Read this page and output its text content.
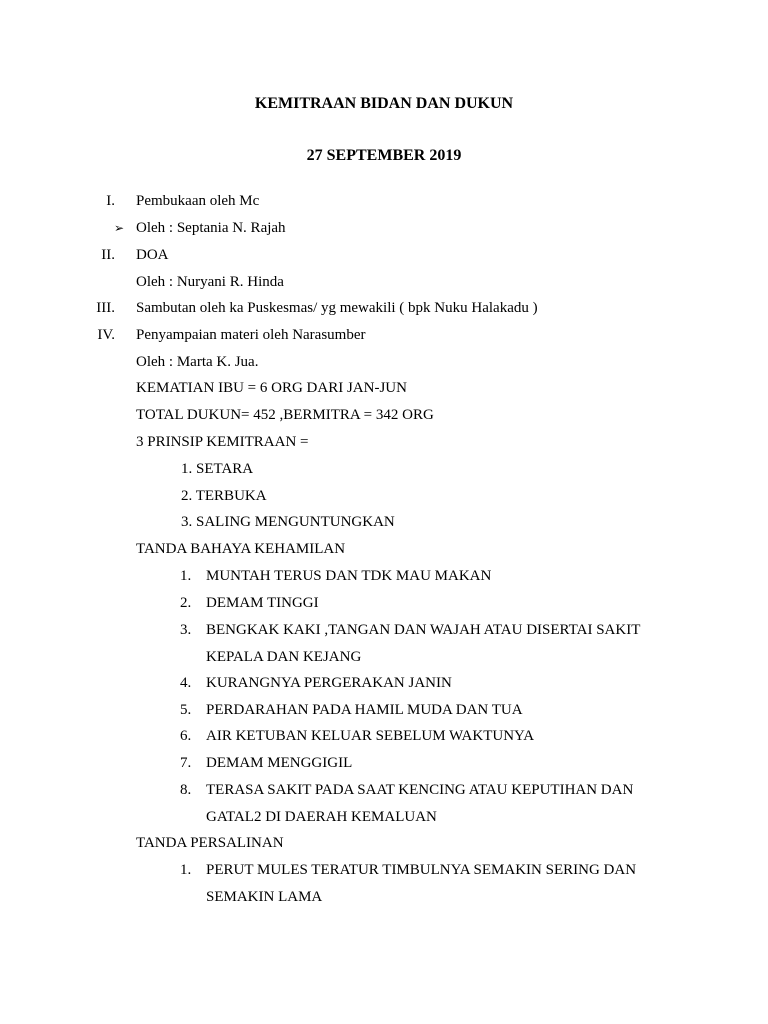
KEMITRAAN BIDAN DAN DUKUN
27 SEPTEMBER 2019
I. Pembukaan oleh Mc
➢ Oleh : Septania N. Rajah
II. DOA
Oleh : Nuryani R. Hinda
III. Sambutan oleh ka Puskesmas/ yg mewakili ( bpk Nuku Halakadu )
IV. Penyampaian materi oleh Narasumber
Oleh : Marta K. Jua.
KEMATIAN IBU = 6 ORG DARI JAN-JUN
TOTAL DUKUN= 452 ,BERMITRA = 342 ORG
3 PRINSIP KEMITRAAN =
1. SETARA
2. TERBUKA
3. SALING MENGUNTUNGKAN
TANDA BAHAYA KEHAMILAN
1. MUNTAH TERUS DAN TDK MAU MAKAN
2. DEMAM TINGGI
3. BENGKAK KAKI ,TANGAN DAN WAJAH ATAU DISERTAI SAKIT
KEPALA DAN KEJANG
4. KURANGNYA PERGERAKAN JANIN
5. PERDARAHAN PADA HAMIL MUDA DAN TUA
6. AIR KETUBAN KELUAR SEBELUM WAKTUNYA
7. DEMAM MENGGIGIL
8. TERASA SAKIT PADA SAAT KENCING ATAU KEPUTIHAN DAN
GATAL2 DI DAERAH KEMALUAN
TANDA PERSALINAN
1. PERUT MULES TERATUR TIMBULNYA SEMAKIN SERING DAN
SEMAKIN LAMA
